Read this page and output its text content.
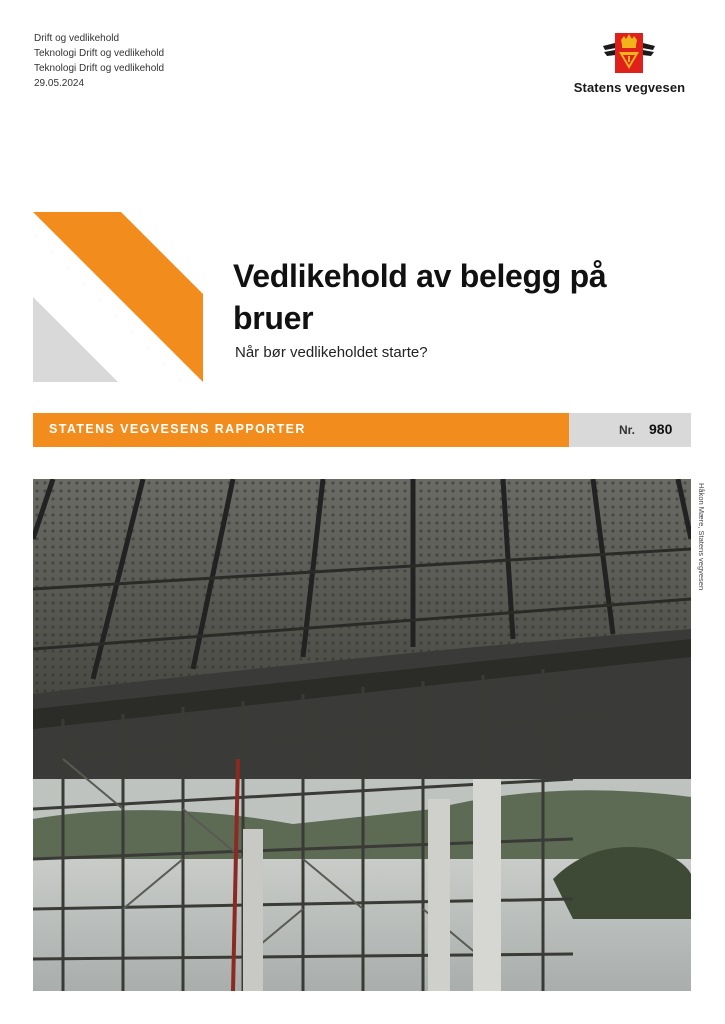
Drift og vedlikehold
Teknologi Drift og vedlikehold
Teknologi Drift og vedlikehold
29.05.2024	Statens vegvesen
Vedlikehold av belegg på bruer
Når bør vedlikeholdet starte?
STATENS VEGVESENS RAPPORTER	Nr. 980
Håkon Mære, Statens vegvesen
